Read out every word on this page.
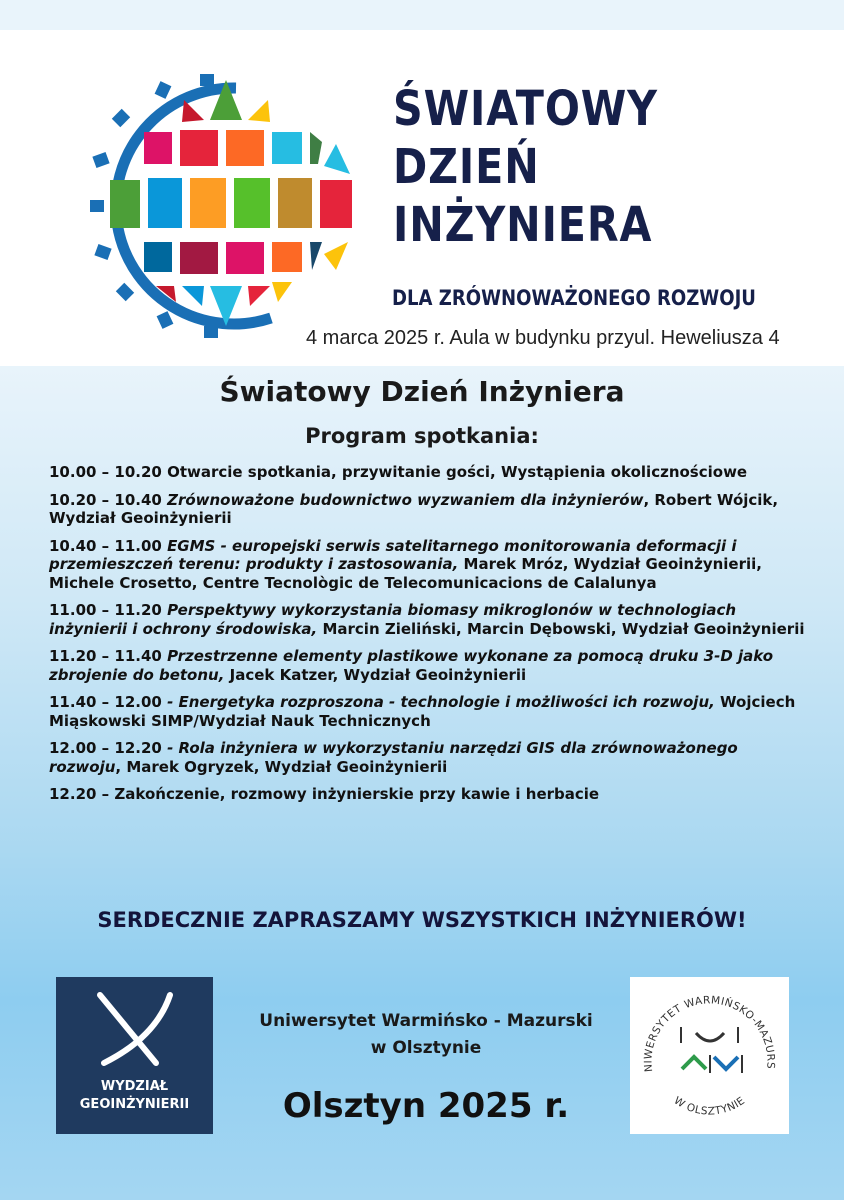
ŚWIATOWY
DZIEŃ
INŻYNIERA
DLA ZRÓWNOWAŻONEGO ROZWOJU
4 marca 2025 r. Aula w budynku przyul. Heweliusza 4
Światowy Dzień Inżyniera
Program spotkania:
10.00 – 10.20 Otwarcie spotkania, przywitanie gości, Wystąpienia okolicznościowe
10.20 – 10.40 Zrównoważone budownictwo wyzwaniem dla inżynierów, Robert Wójcik, Wydział Geoinżynierii
10.40 – 11.00 EGMS - europejski serwis satelitarnego monitorowania deformacji i przemieszczeń terenu: produkty i zastosowania, Marek Mróz, Wydział Geoinżynierii, Michele Crosetto, Centre Tecnològic de Telecomunicacions de Calalunya
11.00 – 11.20 Perspektywy wykorzystania biomasy mikroglonów w technologiach inżynierii i ochrony środowiska, Marcin Zieliński, Marcin Dębowski, Wydział Geoinżynierii
11.20 – 11.40 Przestrzenne elementy plastikowe wykonane za pomocą druku 3-D jako zbrojenie do betonu, Jacek Katzer, Wydział Geoinżynierii
11.40 – 12.00 - Energetyka rozproszona - technologie i możliwości ich rozwoju, Wojciech Miąskowski SIMP/Wydział Nauk Technicznych
12.00 – 12.20 - Rola inżyniera w wykorzystaniu narzędzi GIS dla zrównoważonego rozwoju, Marek Ogryzek, Wydział Geoinżynierii
12.20 – Zakończenie, rozmowy inżynierskie przy kawie i herbacie
SERDECZNIE ZAPRASZAMY WSZYSTKICH INŻYNIERÓW!
WYDZIAŁ
GEOINŻYNIERII
Uniwersytet Warmińsko - Mazurski
w Olsztynie
Olsztyn 2025 r.
NIWERSYTET WARMIŃSKO-MAZURS
W OLSZTYNIE
